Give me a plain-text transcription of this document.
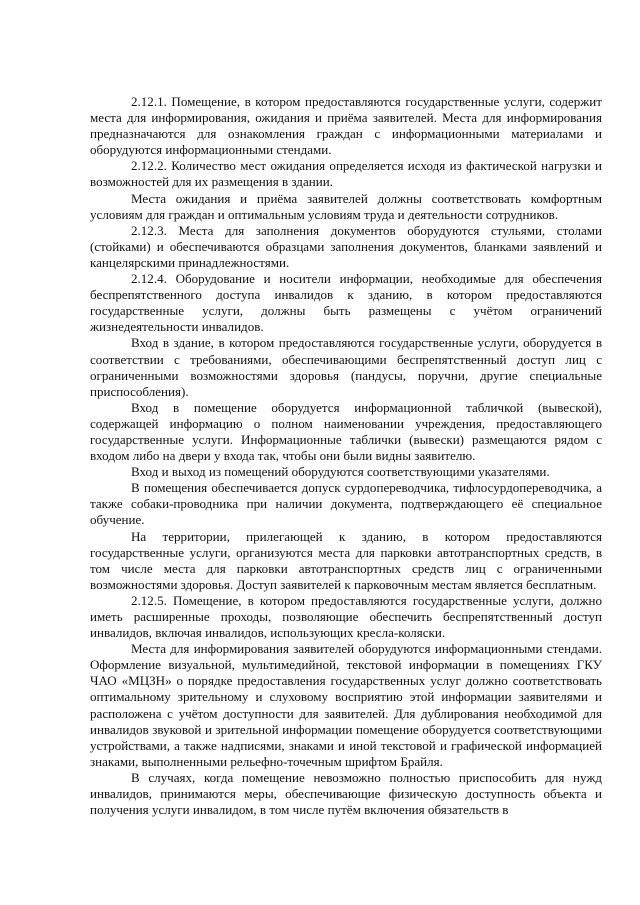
2.12.1. Помещение, в котором предоставляются государственные услуги, содержит места для информирования, ожидания и приёма заявителей. Места для информирования предназначаются для ознакомления граждан с информационными материалами и оборудуются информационными стендами.

2.12.2. Количество мест ожидания определяется исходя из фактической нагрузки и возможностей для их размещения в здании.

Места ожидания и приёма заявителей должны соответствовать комфортным условиям для граждан и оптимальным условиям труда и деятельности сотрудников.

2.12.3. Места для заполнения документов оборудуются стульями, столами (стойками) и обеспечиваются образцами заполнения документов, бланками заявлений и канцелярскими принадлежностями.

2.12.4. Оборудование и носители информации, необходимые для обеспечения беспрепятственного доступа инвалидов к зданию, в котором предоставляются государственные услуги, должны быть размещены с учётом ограничений жизнедеятельности инвалидов.

Вход в здание, в котором предоставляются государственные услуги, оборудуется в соответствии с требованиями, обеспечивающими беспрепятственный доступ лиц с ограниченными возможностями здоровья (пандусы, поручни, другие специальные приспособления).

Вход в помещение оборудуется информационной табличкой (вывеской), содержащей информацию о полном наименовании учреждения, предоставляющего государственные услуги. Информационные таблички (вывески) размещаются рядом с входом либо на двери у входа так, чтобы они были видны заявителю.

Вход и выход из помещений оборудуются соответствующими указателями.

В помещения обеспечивается допуск сурдопереводчика, тифлосурдопереводчика, а также собаки-проводника при наличии документа, подтверждающего её специальное обучение.

На территории, прилегающей к зданию, в котором предоставляются государственные услуги, организуются места для парковки автотранспортных средств, в том числе места для парковки автотранспортных средств лиц с ограниченными возможностями здоровья. Доступ заявителей к парковочным местам является бесплатным.

2.12.5. Помещение, в котором предоставляются государственные услуги, должно иметь расширенные проходы, позволяющие обеспечить беспрепятственный доступ инвалидов, включая инвалидов, использующих кресла-коляски.

Места для информирования заявителей оборудуются информационными стендами. Оформление визуальной, мультимедийной, текстовой информации в помещениях ГКУ ЧАО «МЦЗН» о порядке предоставления государственных услуг должно соответствовать оптимальному зрительному и слуховому восприятию этой информации заявителями и расположена с учётом доступности для заявителей. Для дублирования необходимой для инвалидов звуковой и зрительной информации помещение оборудуется соответствующими устройствами, а также надписями, знаками и иной текстовой и графической информацией знаками, выполненными рельефно-точечным шрифтом Брайля.

В случаях, когда помещение невозможно полностью приспособить для нужд инвалидов, принимаются меры, обеспечивающие физическую доступность объекта и получения услуги инвалидом, в том числе путём включения обязательств в
